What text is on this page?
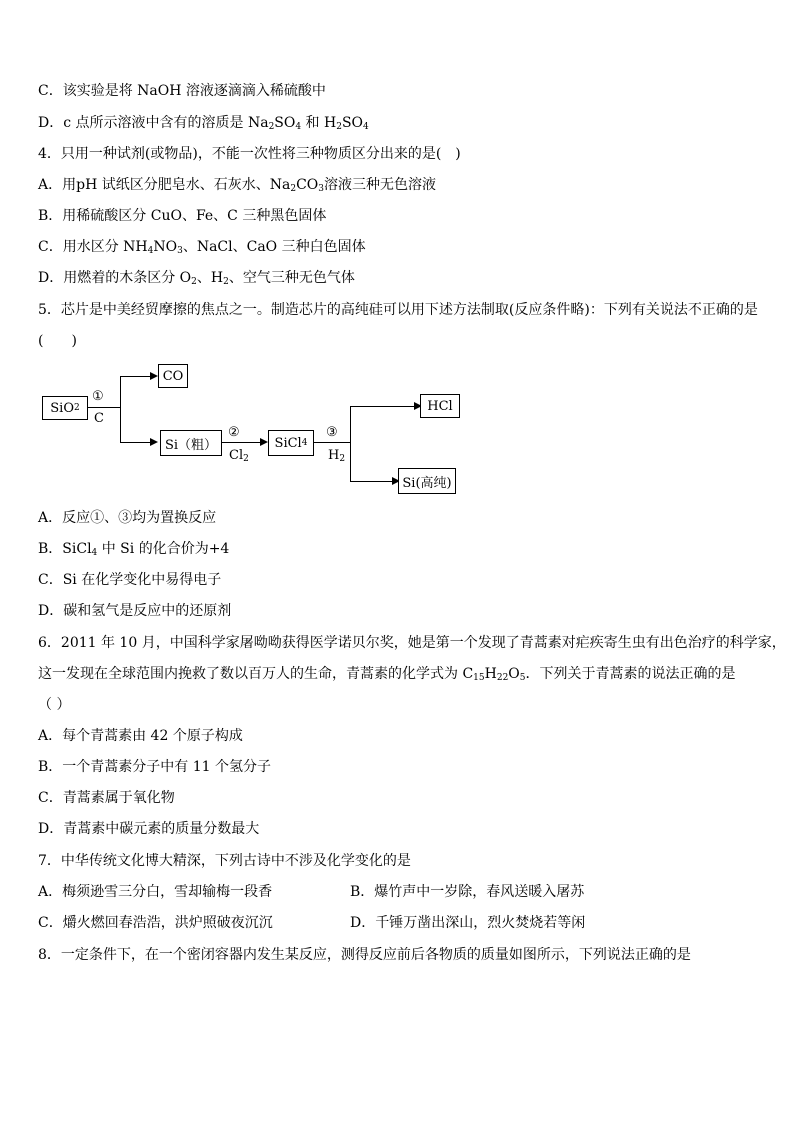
C．该实验是将 NaOH 溶液逐滴滴入稀硫酸中
D．c 点所示溶液中含有的溶质是 $Na_2SO_4$ 和 $H_2SO_4$
4．只用一种试剂(或物品)，不能一次性将三种物质区分出来的是(　)
A．用pH 试纸区分肥皂水、石灰水、$Na_2CO_3$溶液三种无色溶液
B．用稀硫酸区分 CuO、Fe、C 三种黑色固体
C．用水区分 $NH_4NO_3$、NaCl、CaO 三种白色固体
D．用燃着的木条区分 $O_2$、$H_2$、空气三种无色气体
5．芯片是中美经贸摩擦的焦点之一。制造芯片的高纯硅可以用下述方法制取(反应条件略)：下列有关说法不正确的是
(　　)
SiO 2
①
C
CO
Si（粗）
②
$Cl_2$
SiCl 4
③
$H_2$
HCl
Si(高纯)
A．反应①、③均为置换反应
B．SiCl$_4$ 中 Si 的化合价为+4
C．Si 在化学变化中易得电子
D．碳和氢气是反应中的还原剂
6．2011 年 10 月，中国科学家屠呦呦获得医学诺贝尔奖，她是第一个发现了青蒿素对疟疾寄生虫有出色治疗的科学家，
这一发现在全球范围内挽救了数以百万人的生命，青蒿素的化学式为 $C_{15}H_{22}O_5$．下列关于青蒿素的说法正确的是
（ ）
A．每个青蒿素由 42 个原子构成
B．一个青蒿素分子中有 11 个氢分子
C．青蒿素属于氧化物
D．青蒿素中碳元素的质量分数最大
7．中华传统文化博大精深，下列古诗中不涉及化学变化的是
A．梅须逊雪三分白，雪却输梅一段香	B．爆竹声中一岁除，春风送暖入屠苏
C．爝火燃回春浩浩，洪炉照破夜沉沉	D．千锤万凿出深山，烈火焚烧若等闲
8．一定条件下，在一个密闭容器内发生某反应，测得反应前后各物质的质量如图所示，下列说法正确的是
